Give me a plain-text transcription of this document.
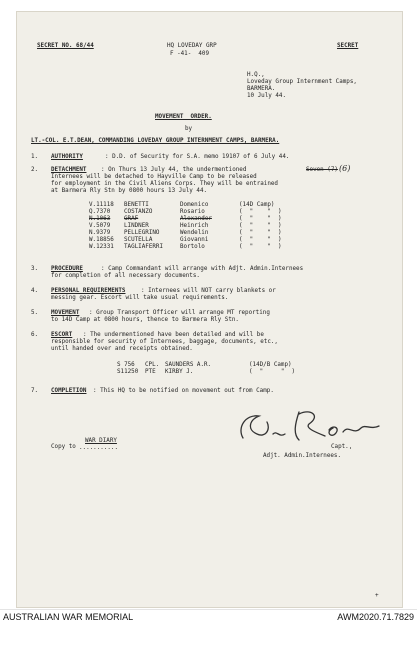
SECRET NO. 68/44	HQ LOVEDAY GRP
F -41-  409
SECRET
H.Q.,
Loveday Group Internment Camps,
BARMERA.
10 July 44.
MOVEMENT  ORDER.
by
LT.-COL. E.T.DEAN, COMMANDING LOVEDAY GROUP INTERNMENT CAMPS, BARMERA.
1. AUTHORITY	: D.D. of Security for S.A. memo 19107 of 6 July 44.
2. DETACHMENT : On Thurs 13 July 44, the undermentioned	Seven (7) (6)
Internees will be detached to Hayville Camp to be released
for employment in the Civil Aliens Corps. They will be entrained
at Barmera Rly Stn by 0800 hours 13 July 44.
V.11118 BENETTI	Domenico	(14D Camp)
Q.7370 COSTANZO	Rosario	(  "    "  )
N.1063 GRAF	Alexander	(  "    "  )
V.5079 LINDNER	Heinrich	(  "    "  )
N.9379 PELLEGRINO	Wendelin	(  "    "  )
W.18856 SCUTELLA	Giovanni	(  "    "  )
W.12331 TAGLIAFERRI	Bortolo	(  "    "  )
3. PROCEDURE	: Camp Commandant will arrange with Adjt. Admin.Internees
for completion of all necessary documents.
4. PERSONAL REQUIREMENTS	: Internees will NOT carry blankets or
messing gear. Escort will take usual requirements.
5. MOVEMENT : Group Transport Officer will arrange MT reporting
to 14D Camp at 0800 hours, thence to Barmera Rly Stn.
6. ESCORT : The undermentioned have been detailed and will be
responsible for security of Internees, baggage, documents, etc.,
until handed over and receipts obtained.
S 756 CPL. SAUNDERS A.R.	(14D/B Camp)
S11250 PTE KIRBY J.	(  "     "  )
7. COMPLETION : This HQ to be notified on movement out from Camp.
Copy to
WAR DIARY
...........	Capt.,
Adjt. Admin.Internees.
+
AUSTRALIAN WAR MEMORIAL	AWM2020.71.7829
